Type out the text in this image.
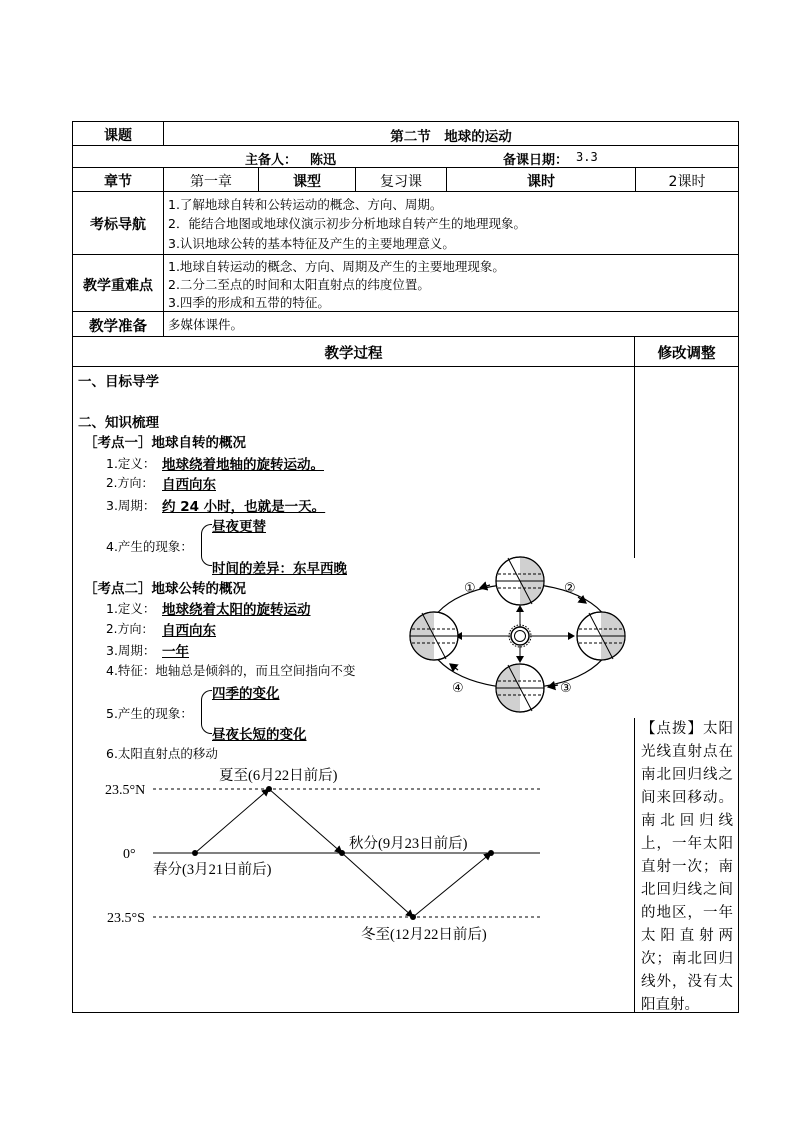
课题	第二节　地球的运动
主备人： 陈迅	备课日期： 3.3
章节	第一章	课型	复习课	课时	2课时
考标导航
1.了解地球自转和公转运动的概念、方向、周期。
2．能结合地图或地球仪演示初步分析地球自转产生的地理现象。
3.认识地球公转的基本特征及产生的主要地理意义。
教学重难点
1.地球自转运动的概念、方向、周期及产生的主要地理现象。
2.二分二至点的时间和太阳直射点的纬度位置。
3.四季的形成和五带的特征。
教学准备	多媒体课件。
教学过程	修改调整
一、目标导学
二、知识梳理
［考点一］地球自转的概况
1.定义： 地球绕着地轴的旋转运动。
2.方向： 自西向东
3.周期： 约 24 小时，也就是一天。
昼夜更替
4.产生的现象：
时间的差异：东早西晚
［考点二］地球公转的概况
1.定义： 地球绕着太阳的旋转运动
2.方向： 自西向东
3.周期： 一年
4.特征：地轴总是倾斜的，而且空间指向不变
四季的变化
5.产生的现象：
昼夜长短的变化
6.太阳直射点的移动
①	②
③
④
【点拨】太阳光线直射点在南北回归线之间来回移动。南北回归线上，一年太阳直射一次；南北回归线之间的地区，一年太阳直射两次；南北回归线外，没有太阳直射。
23.5°N
0°
23.5°S
夏至(6月22日前后)
春分(3月21日前后)
秋分(9月23日前后)
冬至(12月22日前后)
